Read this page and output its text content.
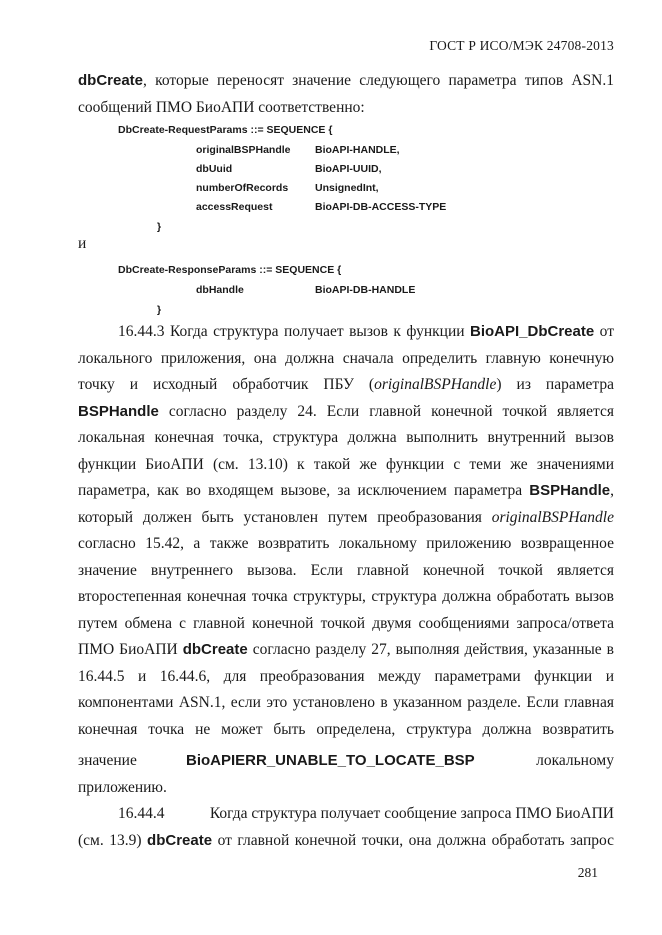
ГОСТ Р ИСО/МЭК 24708-2013
dbCreate, которые переносят значение следующего параметра типов ASN.1
сообщений ПМО БиоАПИ соответственно:
DbCreate-RequestParams ::= SEQUENCE {
originalBSPHandle BioAPI-HANDLE,
dbUuid	BioAPI-UUID,
numberOfRecords	UnsignedInt,
accessRequest	BioAPI-DB-ACCESS-TYPE
}
и
DbCreate-ResponseParams ::= SEQUENCE {
dbHandle	BioAPI-DB-HANDLE
}
16.44.3 Когда структура получает вызов к функции BioAPI_DbCreate от локального приложения, она должна сначала определить главную конечную точку и исходный обработчик ПБУ (originalBSPHandle) из параметра BSPHandle согласно разделу 24. Если главной конечной точкой является локальная конечная точка, структура должна выполнить внутренний вызов функции БиоАПИ (см. 13.10) к такой же функции с теми же значениями параметра, как во входящем вызове, за исключением параметра BSPHandle, который должен быть установлен путем преобразования originalBSPHandle согласно 15.42, а также возвратить локальному приложению возвращенное значение внутреннего вызова. Если главной конечной точкой является второстепенная конечная точка структуры, структура должна обработать вызов путем обмена с главной конечной точкой двумя сообщениями запроса/ответа ПМО БиоАПИ dbCreate согласно разделу 27, выполняя действия, указанные в 16.44.5 и 16.44.6, для преобразования между параметрами функции и компонентами ASN.1, если это установлено в указанном разделе. Если главная конечная точка не может быть определена, структура должна возвратить
значение	BioAPIERR_UNABLE_TO_LOCATE_BSP	локальному
приложению.
16.44.4	Когда структура получает сообщение запроса ПМО БиоАПИ
(см. 13.9) dbCreate от главной конечной точки, она должна обработать запрос
281
